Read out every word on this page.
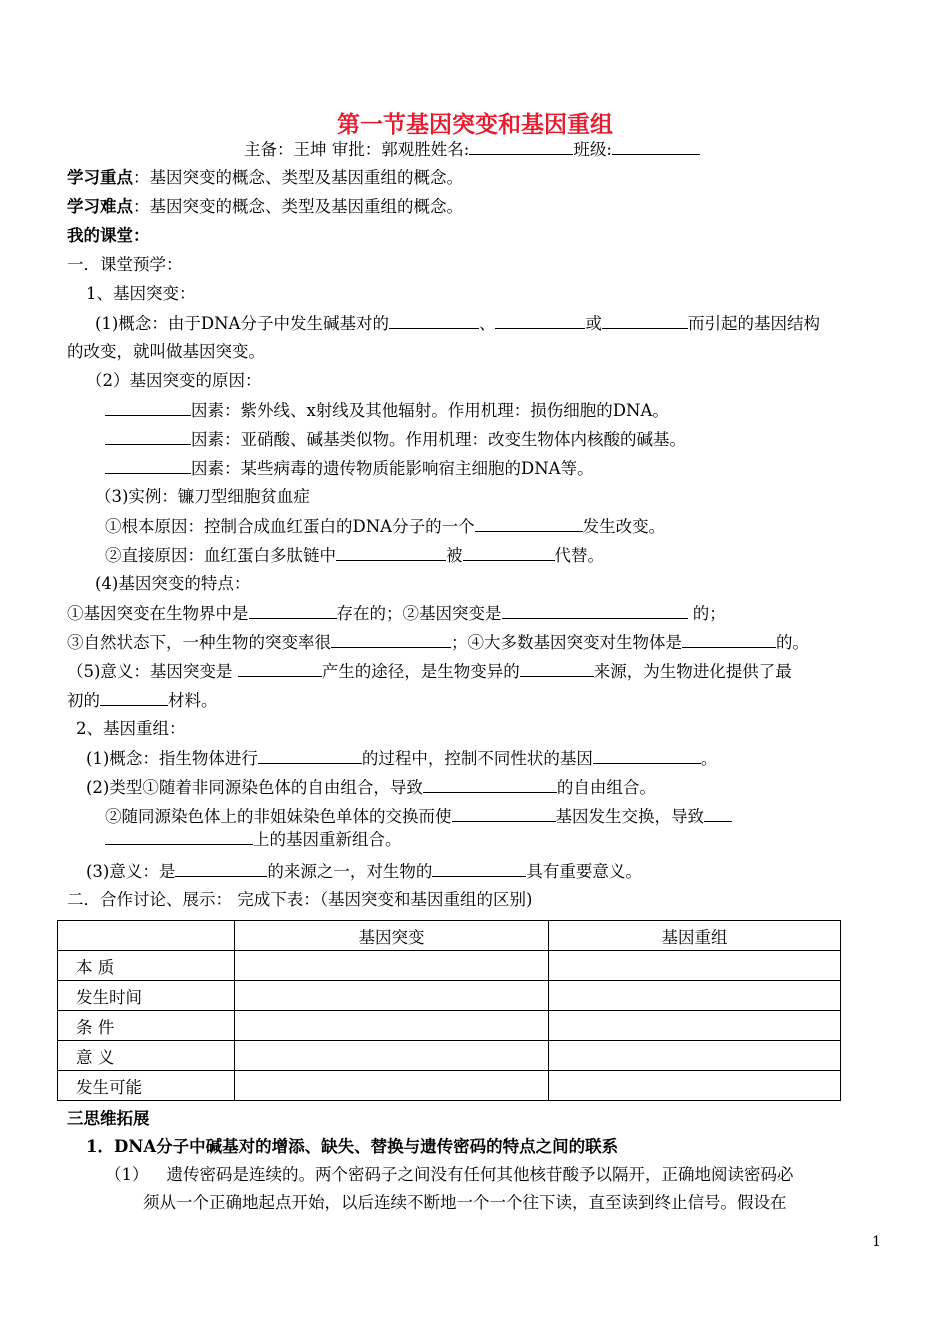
第一节基因突变和基因重组
主备：王坤 审批：郭观胜姓名:	班级:
学习重点：基因突变的概念、类型及基因重组的概念。
学习难点：基因突变的概念、类型及基因重组的概念。
我的课堂：
一．课堂预学：
1、基因突变：
(1)概念：由于DNA分子中发生碱基对的	、	或	而引起的基因结构
的改变，就叫做基因突变。
（2）基因突变的原因：
因素：紫外线、x射线及其他辐射。作用机理：损伤细胞的DNA。
因素：亚硝酸、碱基类似物。作用机理：改变生物体内核酸的碱基。
因素：某些病毒的遗传物质能影响宿主细胞的DNA等。
（3)实例：镰刀型细胞贫血症
①根本原因：控制合成血红蛋白的DNA分子的一个	发生改变。
②直接原因：血红蛋白多肽链中	被	代替。
(4)基因突变的特点：
①基因突变在生物界中是	存在的；②基因突变是	的；
③自然状态下，一种生物的突变率很	；④大多数基因突变对生物体是	的。
（5)意义：基因突变是	产生的途径，是生物变异的	来源，为生物进化提供了最
初的	材料。
2、基因重组：
(1)概念：指生物体进行	的过程中，控制不同性状的基因	。
(2)类型①随着非同源染色体的自由组合，导致	的自由组合。
②随同源染色体上的非姐妹染色单体的交换而使	基因发生交换，导致
上的基因重新组合。
(3)意义：是	的来源之一，对生物的	具有重要意义。
二．合作讨论、展示： 完成下表：（基因突变和基因重组的区别)
	基因突变	基因重组
本 质		
发生时间		
条 件		
意 义		
发生可能		
三思维拓展
1．DNA分子中碱基对的增添、缺失、替换与遗传密码的特点之间的联系
（1） 遗传密码是连续的。两个密码子之间没有任何其他核苷酸予以隔开，正确地阅读密码必
须从一个正确地起点开始，以后连续不断地一个一个往下读，直至读到终止信号。假设在
1
